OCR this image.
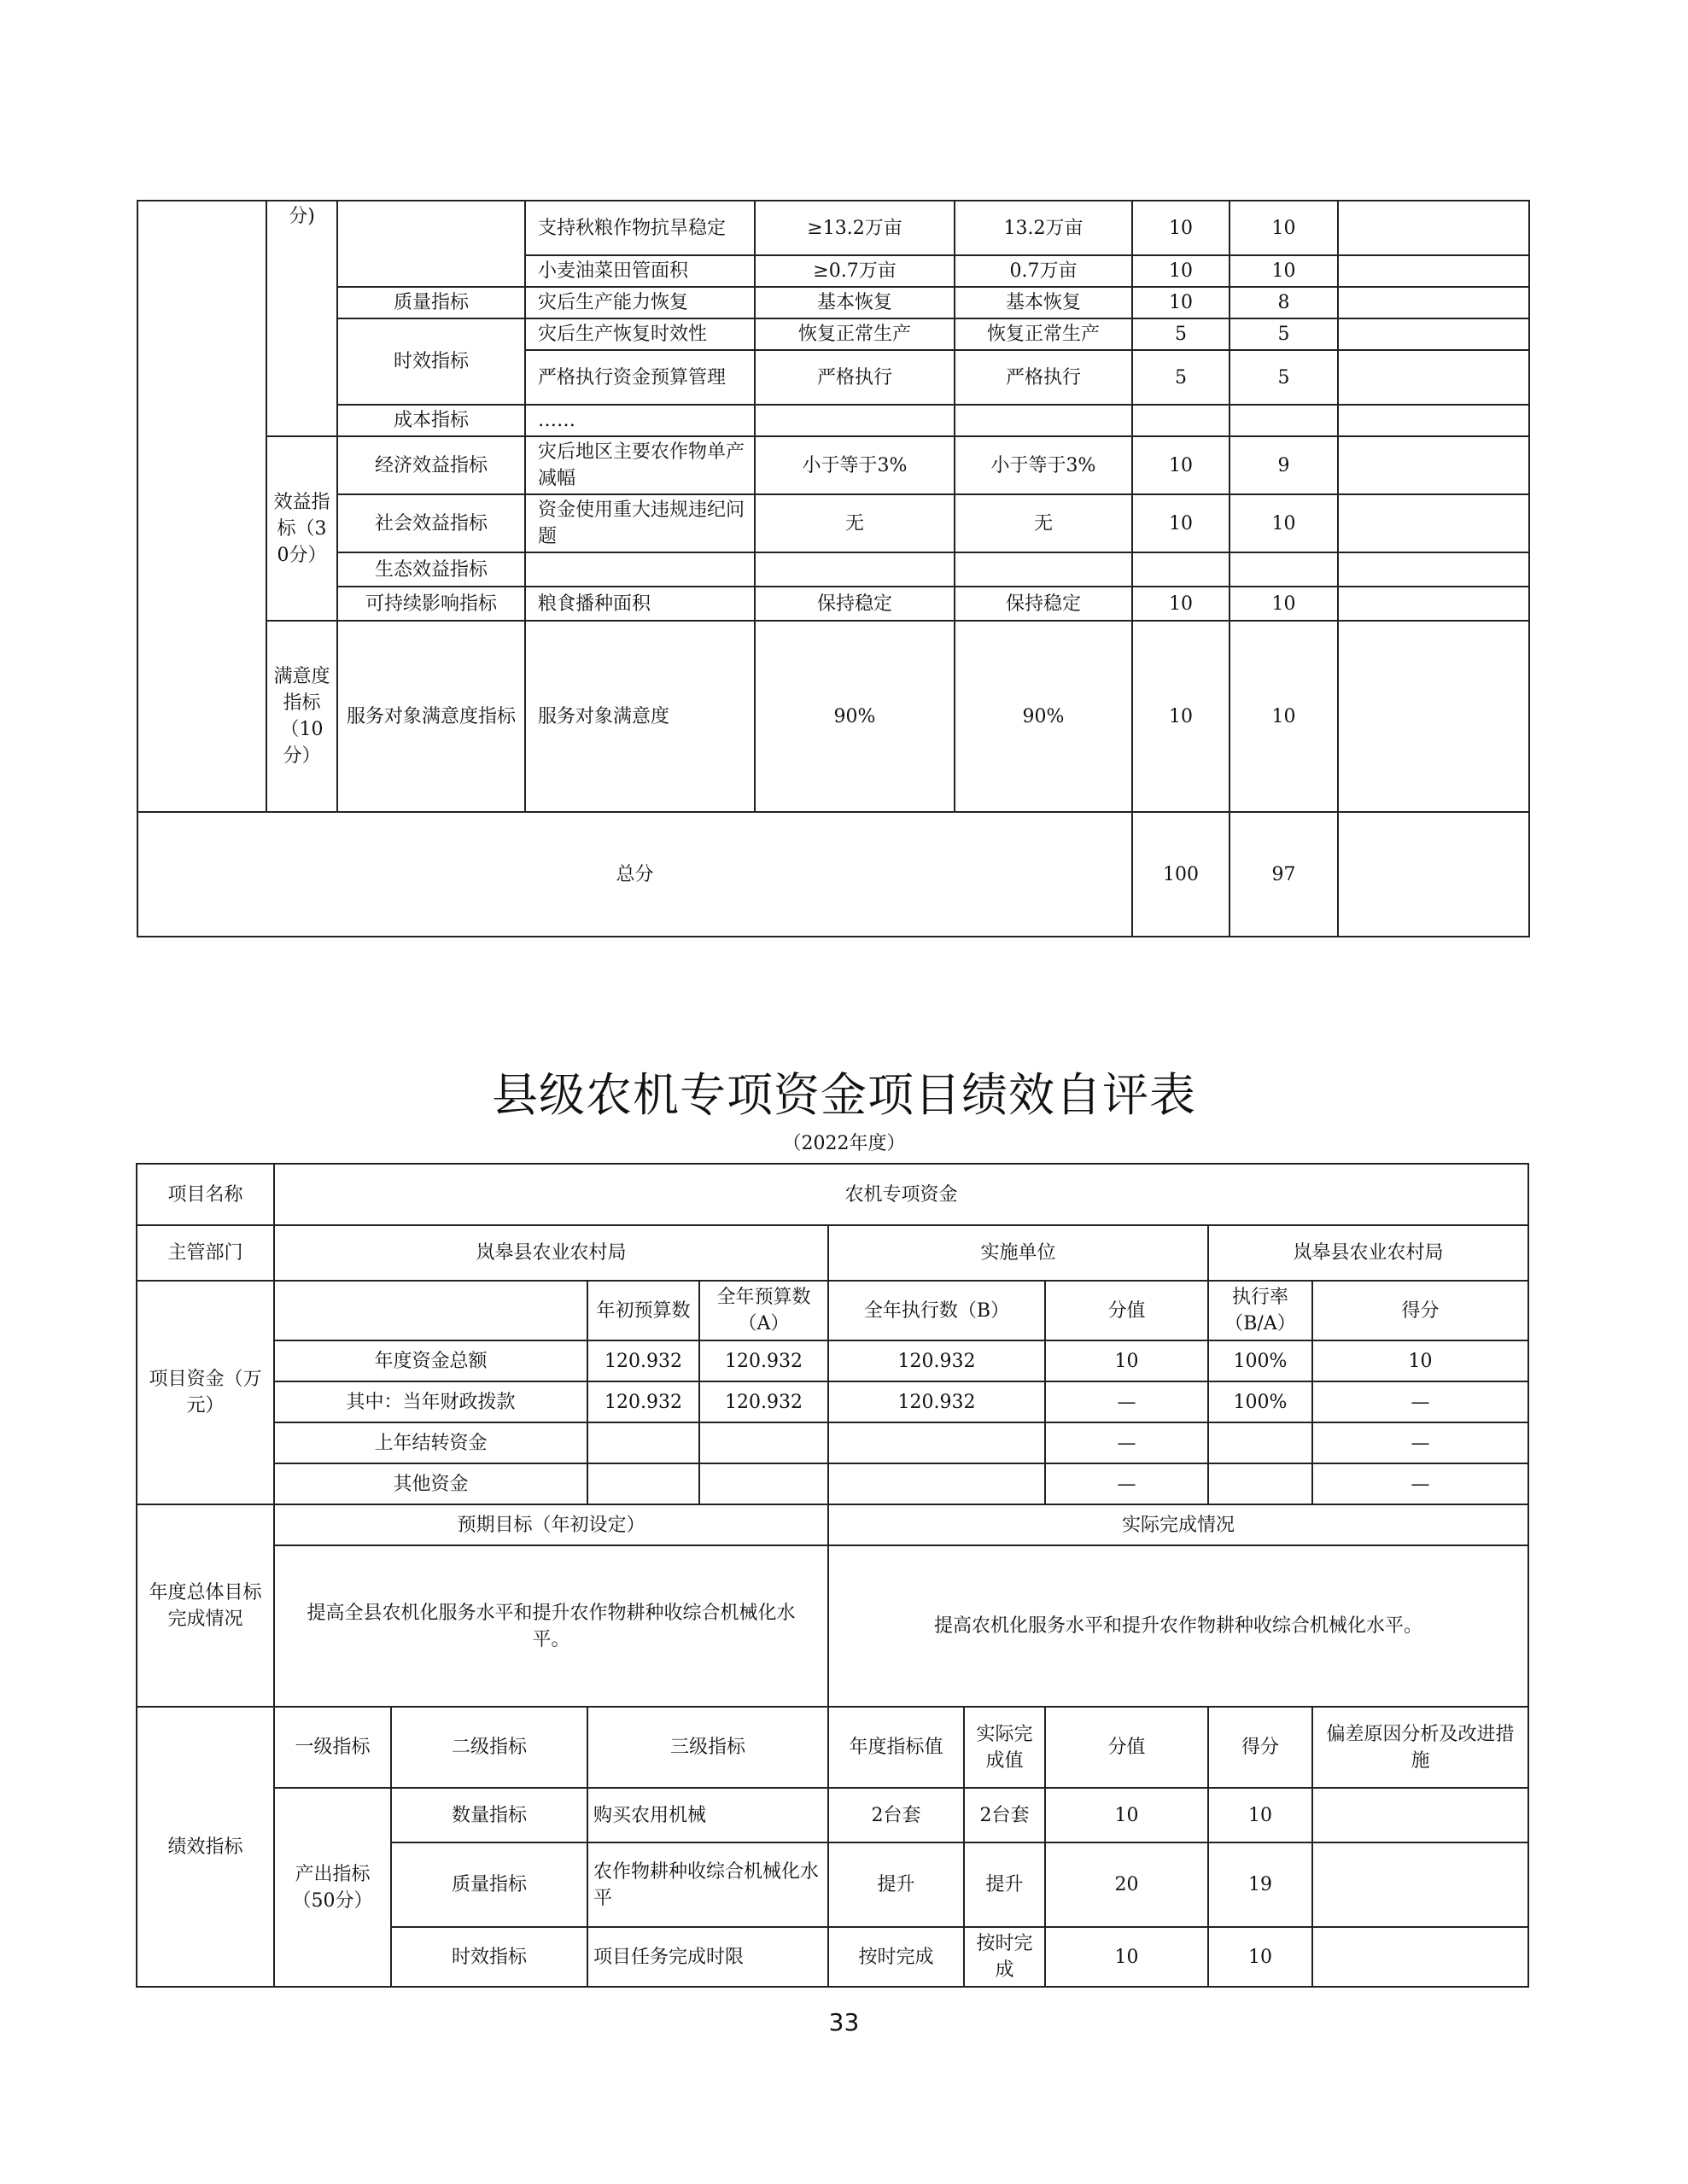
	分)		支持秋粮作物抗旱稳定	≥13.2万亩	13.2万亩	10	10	
			小麦油菜田管面积	≥0.7万亩	0.7万亩	10	10	
		质量指标	灾后生产能力恢复	基本恢复	基本恢复	10	8	
		时效指标	灾后生产恢复时效性	恢复正常生产	恢复正常生产	5	5	
			严格执行资金预算管理	严格执行	严格执行	5	5	
		成本指标	……					
	效益指标（30分）	经济效益指标	灾后地区主要农作物单产减幅	小于等于3%	小于等于3%	10	9	
		社会效益指标	资金使用重大违规违纪问题	无	无	10	10	
		生态效益指标						
		可持续影响指标	粮食播种面积	保持稳定	保持稳定	10	10	
	满意度指标（10分）	服务对象满意度指标	服务对象满意度	90%	90%	10	10	
总分						100	97	
县级农机专项资金项目绩效自评表
（2022年度）
项目名称	农机专项资金								
主管部门	岚皋县农业农村局				实施单位			岚皋县农业农村局	
项目资金（万元）			年初预算数	全年预算数（A）	全年执行数（B）		分值	执行率（B/A）	得分
	年度资金总额		120.932	120.932	120.932		10	100%	10
	其中：当年财政拨款		120.932	120.932	120.932		—	100%	—
	上年结转资金						—		—
	其他资金						—		—
年度总体目标完成情况	预期目标（年初设定）				实际完成情况				
	提高全县农机化服务水平和提升农作物耕种收综合机械化水平。				提高农机化服务水平和提升农作物耕种收综合机械化水平。				
绩效指标	一级指标	二级指标	三级指标		年度指标值	实际完成值	分值	得分	偏差原因分析及改进措施
	产出指标（50分）	数量指标	购买农用机械		2台套	2台套	10	10	
		质量指标	农作物耕种收综合机械化水平		提升	提升	20	19	
		时效指标	项目任务完成时限		按时完成	按时完成	10	10	
33
